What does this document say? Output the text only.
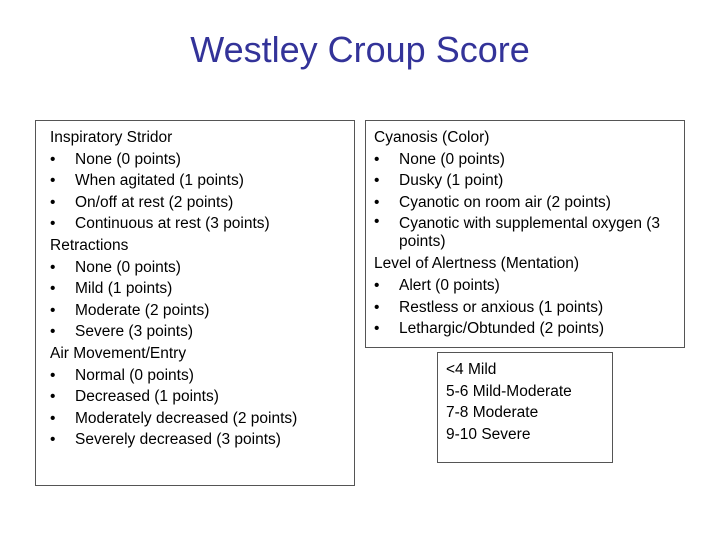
Westley Croup Score
Inspiratory Stridor
• None (0 points)
• When agitated (1 points)
• On/off at rest (2 points)
• Continuous at rest (3 points)
Retractions
• None (0 points)
• Mild (1 points)
• Moderate (2 points)
• Severe (3 points)
Air Movement/Entry
• Normal (0 points)
• Decreased (1 points)
• Moderately decreased (2 points)
• Severely decreased (3 points)
Cyanosis (Color)
• None (0 points)
• Dusky (1 point)
• Cyanotic on room air (2 points)
• Cyanotic with supplemental oxygen (3 points)
Level of Alertness (Mentation)
• Alert (0 points)
• Restless or anxious (1 points)
• Lethargic/Obtunded (2 points)
<4 Mild
5-6 Mild-Moderate
7-8 Moderate
9-10 Severe
